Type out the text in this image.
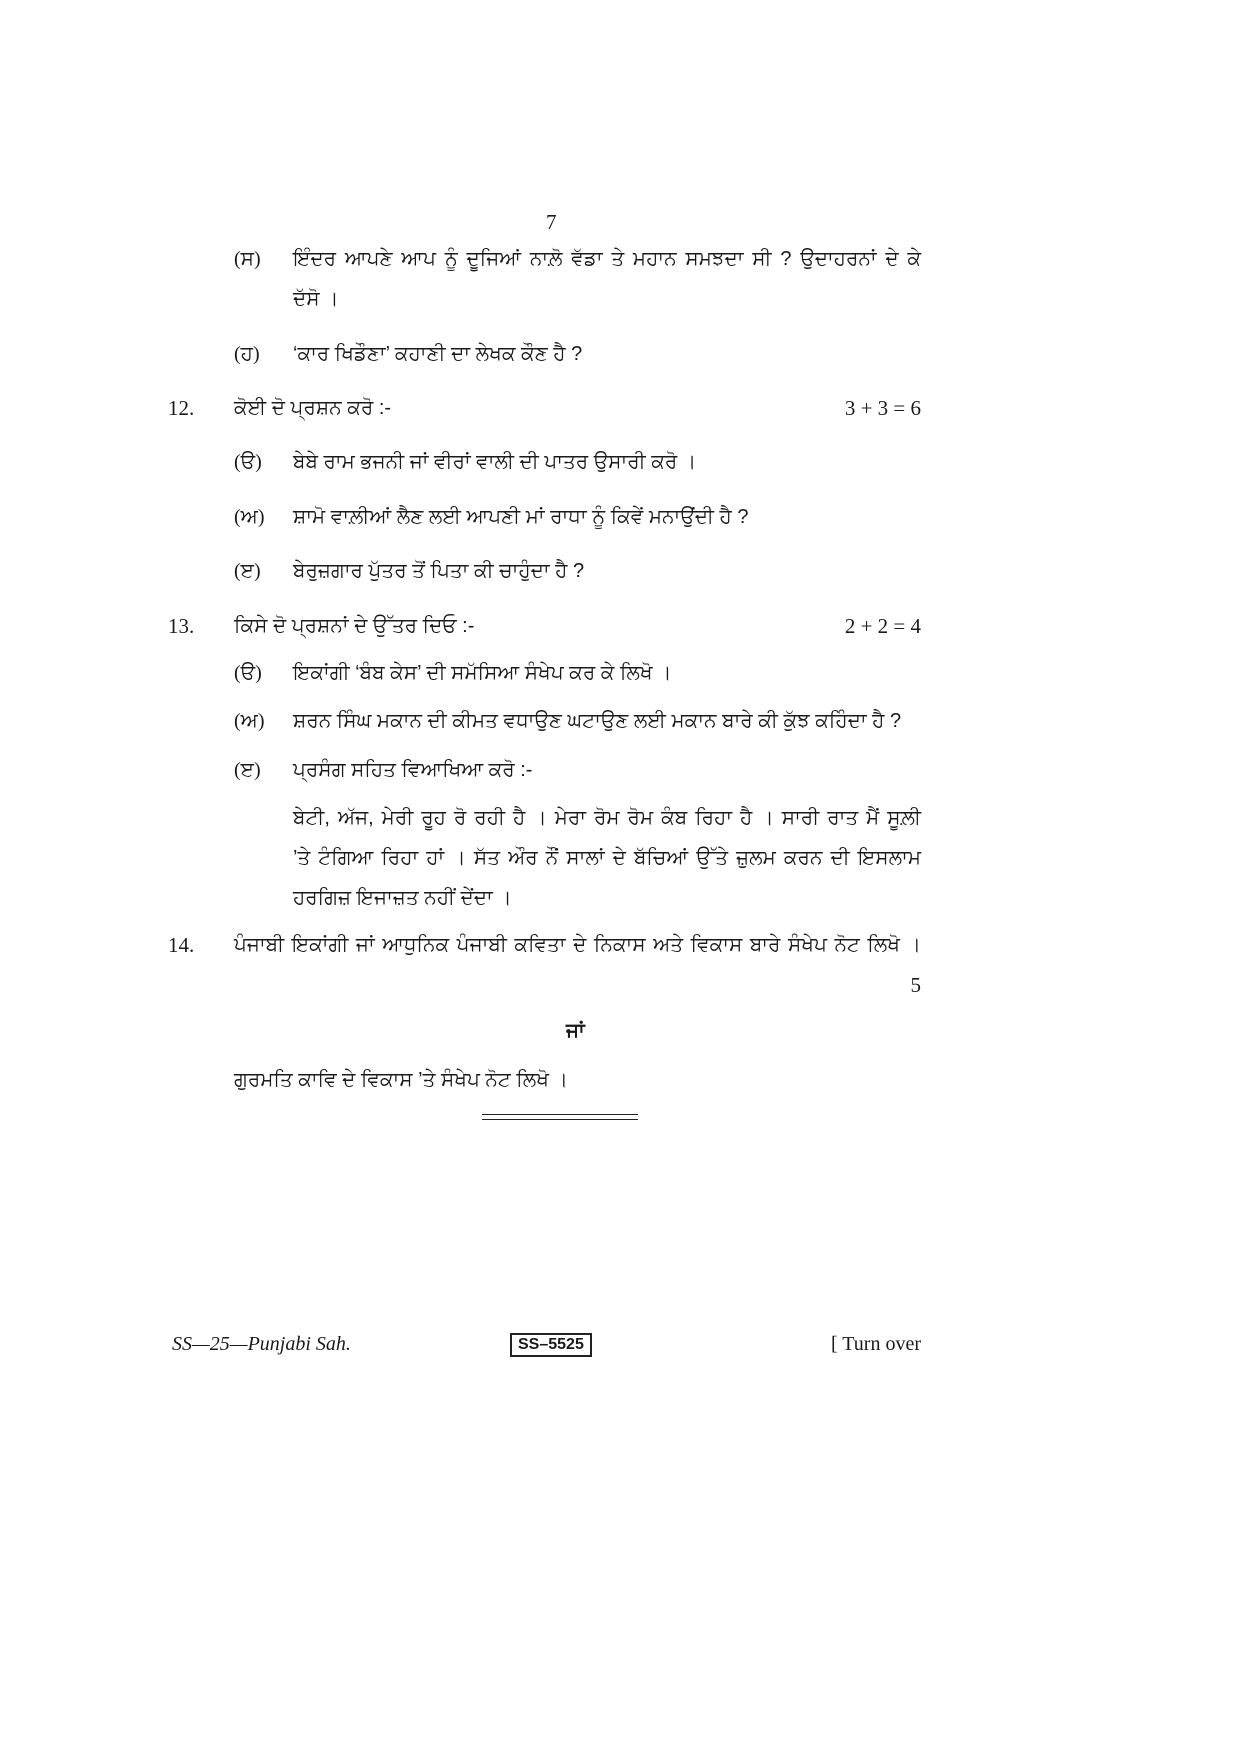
7
(ਸ) ਇੰਦਰ ਆਪਣੇ ਆਪ ਨੂੰ ਦੂਜਿਆਂ ਨਾਲ਼ੋ ਵੱਡਾ ਤੇ ਮਹਾਨ ਸਮਝਦਾ ਸੀ ? ਉਦਾਹਰਨਾਂ ਦੇ ਕੇ
ਦੱਸੋ ।
(ਹ) ‘ਕਾਰ ਖਿਡੌਣਾ’ ਕਹਾਣੀ ਦਾ ਲੇਖਕ ਕੌਣ ਹੈ ?
12. ਕੋਈ ਦੋ ਪ੍ਰਸ਼ਨ ਕਰੋ :-	3 + 3 = 6
(ੳ) ਬੇਬੇ ਰਾਮ ਭਜਨੀ ਜਾਂ ਵੀਰਾਂ ਵਾਲੀ ਦੀ ਪਾਤਰ ਉਸਾਰੀ ਕਰੋ ।
(ਅ) ਸ਼ਾਮੋ ਵਾਲ਼ੀਆਂ ਲੈਣ ਲਈ ਆਪਣੀ ਮਾਂ ਰਾਧਾ ਨੂੰ ਕਿਵੇਂ ਮਨਾਉਂਦੀ ਹੈ ?
(ੲ) ਬੇਰੁਜ਼ਗਾਰ ਪੁੱਤਰ ਤੋਂ ਪਿਤਾ ਕੀ ਚਾਹੁੰਦਾ ਹੈ ?
13. ਕਿਸੇ ਦੋ ਪ੍ਰਸ਼ਨਾਂ ਦੇ ਉੱਤਰ ਦਿਓ :-	2 + 2 = 4
(ੳ) ਇਕਾਂਗੀ ‘ਬੰਬ ਕੇਸ’ ਦੀ ਸਮੱਸਿਆ ਸੰਖੇਪ ਕਰ ਕੇ ਲਿਖੋ ।
(ਅ) ਸ਼ਰਨ ਸਿੰਘ ਮਕਾਨ ਦੀ ਕੀਮਤ ਵਧਾਉਣ ਘਟਾਉਣ ਲਈ ਮਕਾਨ ਬਾਰੇ ਕੀ ਕੁੱਝ ਕਹਿੰਦਾ ਹੈ ?
(ੲ) ਪ੍ਰਸੰਗ ਸਹਿਤ ਵਿਆਖਿਆ ਕਰੋ :-
ਬੇਟੀ, ਅੱਜ, ਮੇਰੀ ਰੂਹ ਰੋ ਰਹੀ ਹੈ । ਮੇਰਾ ਰੋਮ ਰੋਮ ਕੰਬ ਰਿਹਾ ਹੈ । ਸਾਰੀ ਰਾਤ ਮੈਂ ਸੂਲ਼ੀ
’ਤੇ ਟੰਗਿਆ ਰਿਹਾ ਹਾਂ । ਸੱਤ ਔਰ ਨੌਂ ਸਾਲਾਂ ਦੇ ਬੱਚਿਆਂ ਉੱਤੇ ਜ਼ੁਲਮ ਕਰਨ ਦੀ ਇਸਲਾਮ
ਹਰਗਿਜ਼ ਇਜਾਜ਼ਤ ਨਹੀਂ ਦੇਂਦਾ ।
14. ਪੰਜਾਬੀ ਇਕਾਂਗੀ ਜਾਂ ਆਧੁਨਿਕ ਪੰਜਾਬੀ ਕਵਿਤਾ ਦੇ ਨਿਕਾਸ ਅਤੇ ਵਿਕਾਸ ਬਾਰੇ ਸੰਖੇਪ ਨੋਟ ਲਿਖੋ ।
5
ਜਾਂ
ਗੁਰਮਤਿ ਕਾਵਿ ਦੇ ਵਿਕਾਸ ’ਤੇ ਸੰਖੇਪ ਨੋਟ ਲਿਖੋ ।
SS—25—Punjabi Sah.	SS–5525	[ Turn over
